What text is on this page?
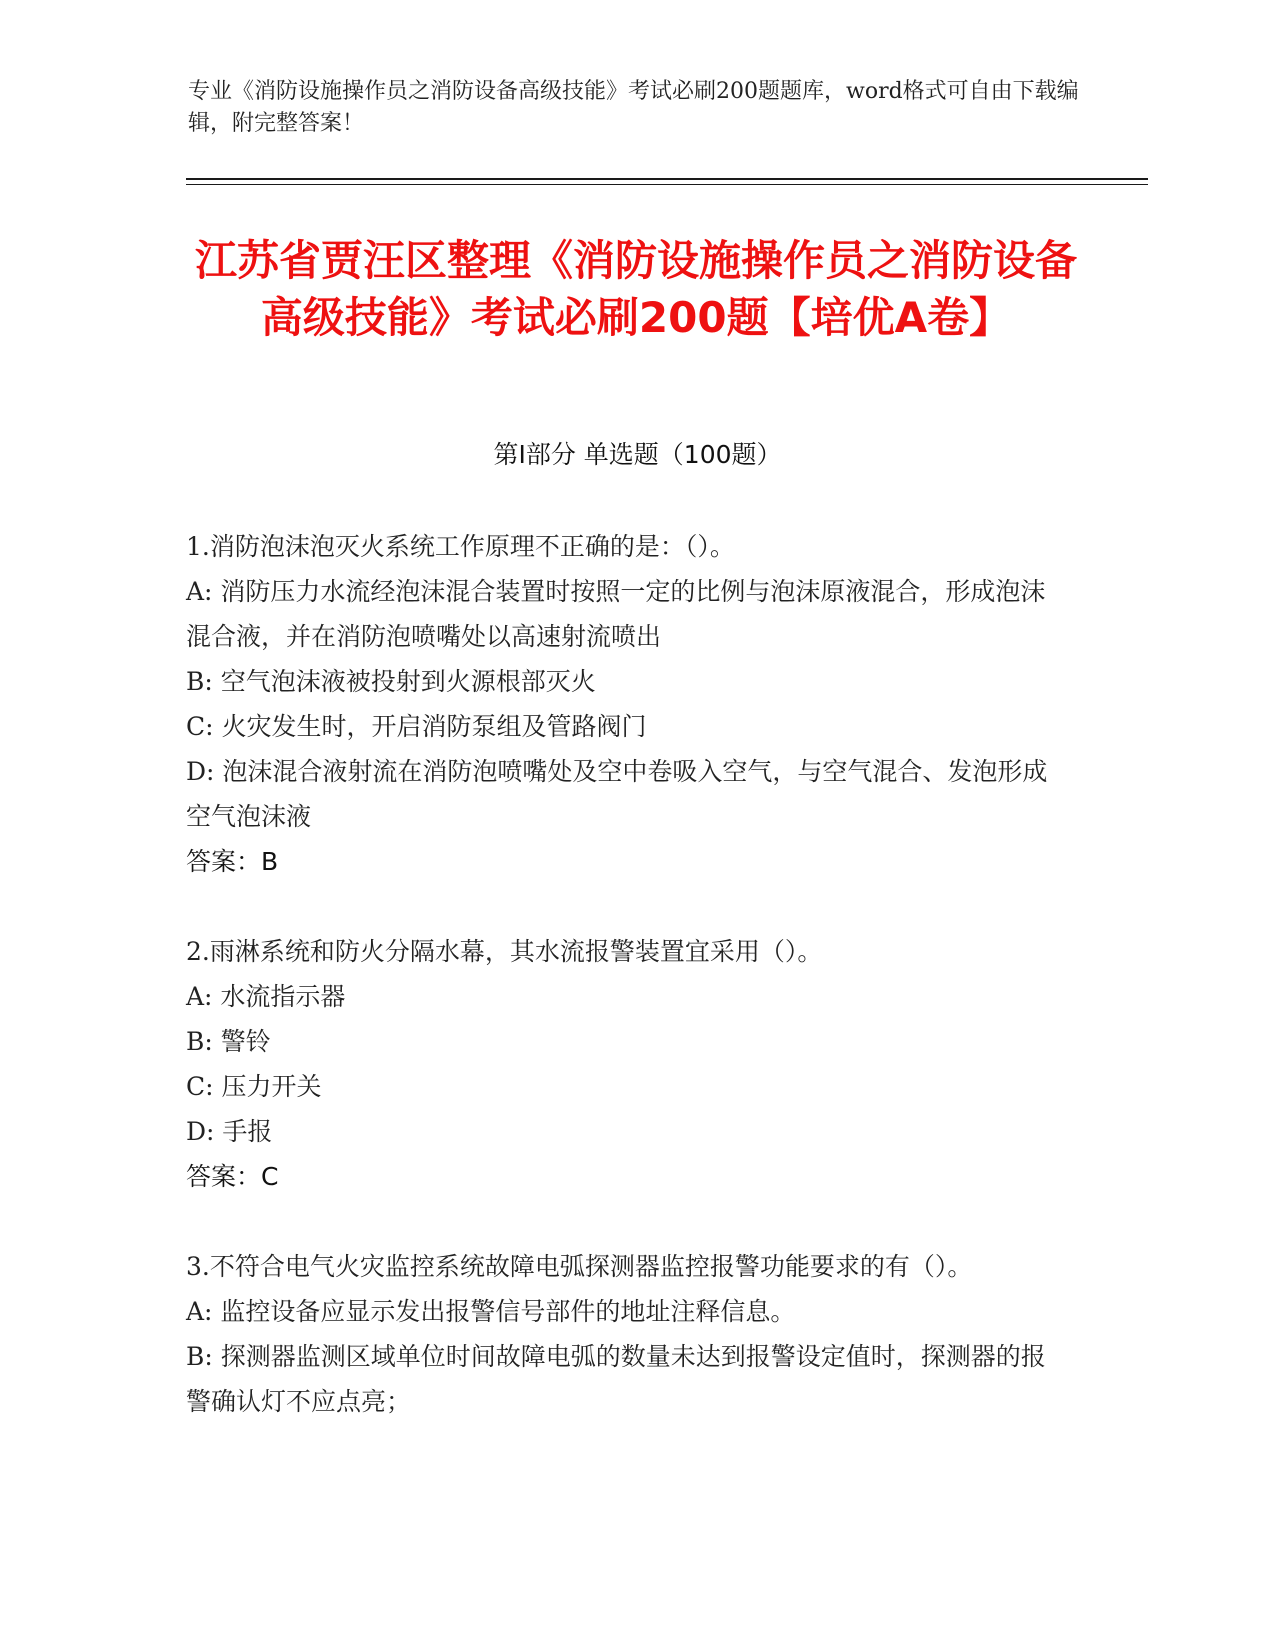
专业《消防设施操作员之消防设备高级技能》考试必刷200题题库，word格式可自由下载编辑，附完整答案！
江苏省贾汪区整理《消防设施操作员之消防设备高级技能》考试必刷200题【培优A卷】
第I部分 单选题（100题）
1.消防泡沫泡灭火系统工作原理不正确的是：（）。
A: 消防压力水流经泡沫混合装置时按照一定的比例与泡沫原液混合，形成泡沫混合液，并在消防泡喷嘴处以高速射流喷出
B: 空气泡沫液被投射到火源根部灭火
C: 火灾发生时，开启消防泵组及管路阀门
D: 泡沫混合液射流在消防泡喷嘴处及空中卷吸入空气，与空气混合、发泡形成空气泡沫液
答案：B
2.雨淋系统和防火分隔水幕，其水流报警装置宜采用（）。
A: 水流指示器
B: 警铃
C: 压力开关
D: 手报
答案：C
3.不符合电气火灾监控系统故障电弧探测器监控报警功能要求的有（）。
A: 监控设备应显示发出报警信号部件的地址注释信息。
B: 探测器监测区域单位时间故障电弧的数量未达到报警设定值时，探测器的报警确认灯不应点亮；
